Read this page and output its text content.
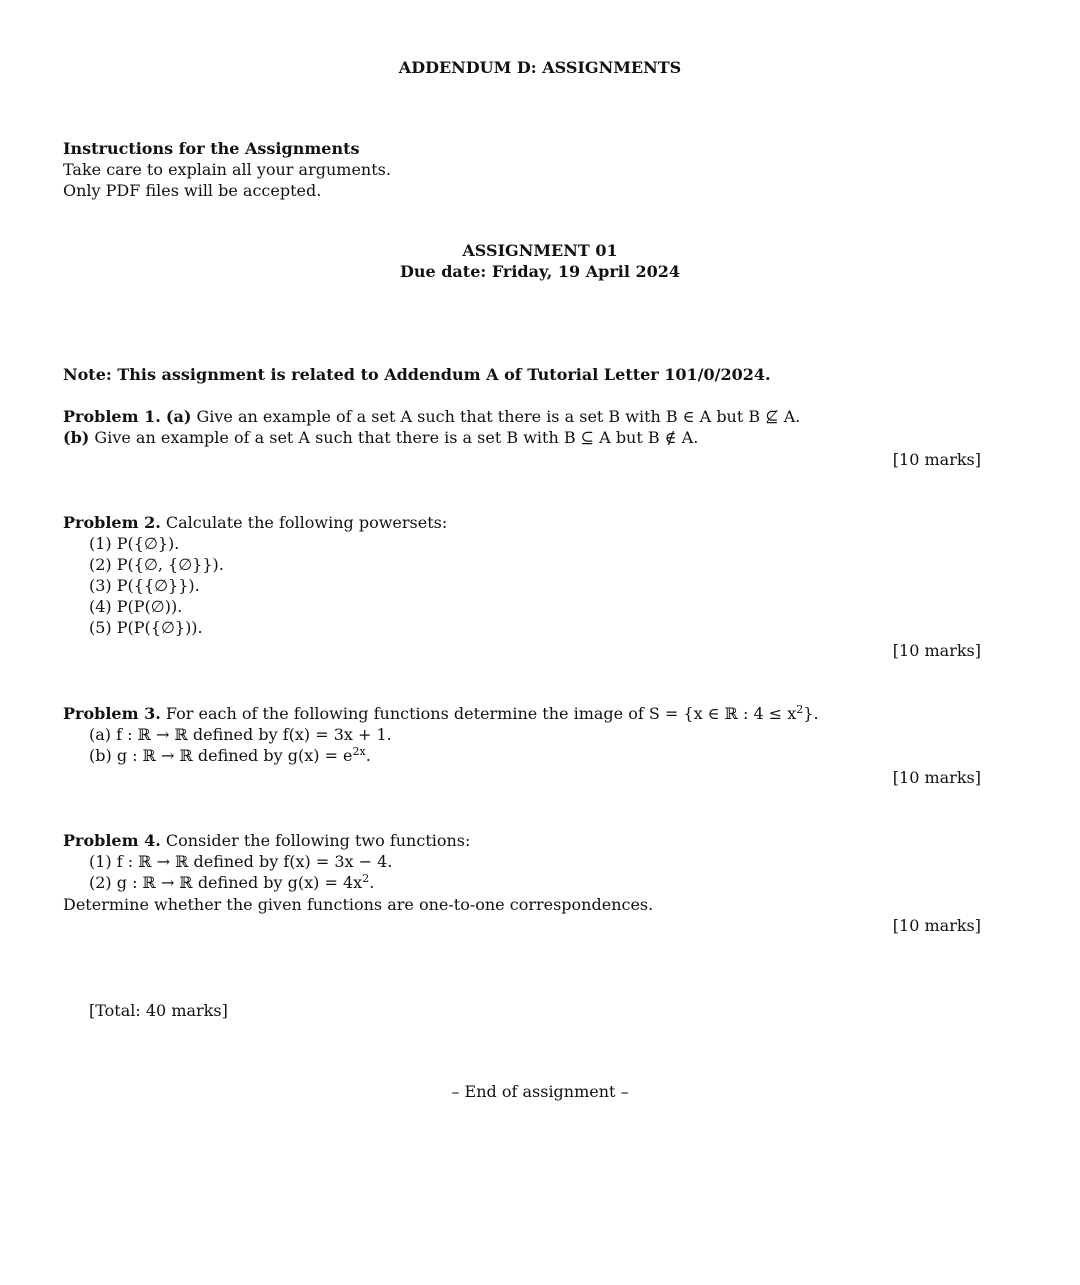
ADDENDUM D: ASSIGNMENTS
Instructions for the Assignments
Take care to explain all your arguments.
Only PDF files will be accepted.
ASSIGNMENT 01
Due date: Friday, 19 April 2024
Note: This assignment is related to Addendum A of Tutorial Letter 101/0/2024.
Problem 1. (a) Give an example of a set A such that there is a set B with B ∈ A but B ⊈ A.
(b) Give an example of a set A such that there is a set B with B ⊆ A but B ∉ A.
[10 marks]
Problem 2. Calculate the following powersets:
(1) P({∅}).
(2) P({∅, {∅}}).
(3) P({{∅}}).
(4) P(P(∅)).
(5) P(P({∅})).
[10 marks]
Problem 3. For each of the following functions determine the image of S = {x ∈ ℝ : $4 \le x^2$}.
(a) f : ℝ → ℝ defined by f(x) = 3x + 1.
(b) g : ℝ → ℝ defined by $g(x) = e^{2x}$.
[10 marks]
Problem 4. Consider the following two functions:
(1) f : ℝ → ℝ defined by f(x) = 3x − 4.
(2) g : ℝ → ℝ defined by $g(x) = 4x^2$.
Determine whether the given functions are one-to-one correspondences.
[10 marks]
[Total: 40 marks]
– End of assignment –
